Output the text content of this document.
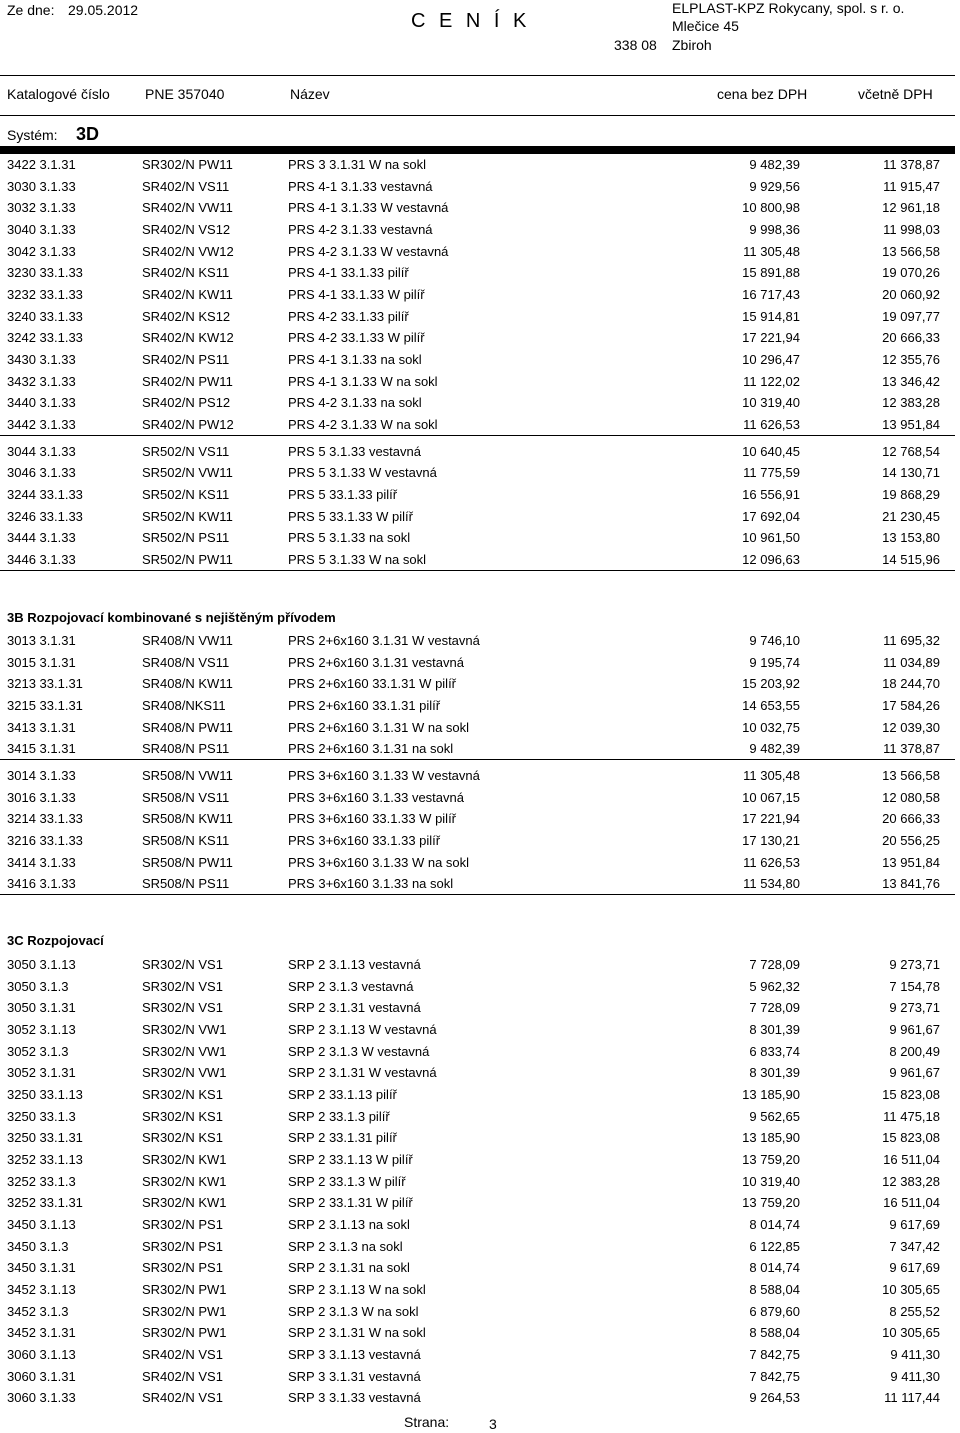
Ze dne: 29.05.2012	C E N Í K
ELPLAST-KPZ Rokycany, spol. s r. o.
Mlečice 45
338 08 Zbiroh
Katalogové číslo	PNE 357040	Název	cena bez DPH	včetně DPH
Systém: 3D
3422 3.1.31	SR302/N PW11	PRS 3 3.1.31 W na sokl	9 482,39	11 378,87
3030 3.1.33	SR402/N VS11	PRS 4-1 3.1.33 vestavná	9 929,56	11 915,47
3032 3.1.33	SR402/N VW11	PRS 4-1 3.1.33 W vestavná	10 800,98	12 961,18
3040 3.1.33	SR402/N VS12	PRS 4-2 3.1.33 vestavná	9 998,36	11 998,03
3042 3.1.33	SR402/N VW12	PRS 4-2 3.1.33 W vestavná	11 305,48	13 566,58
3230 33.1.33	SR402/N KS11	PRS 4-1 33.1.33 pilíř	15 891,88	19 070,26
3232 33.1.33	SR402/N KW11	PRS 4-1 33.1.33 W pilíř	16 717,43	20 060,92
3240 33.1.33	SR402/N KS12	PRS 4-2 33.1.33 pilíř	15 914,81	19 097,77
3242 33.1.33	SR402/N KW12	PRS 4-2 33.1.33 W pilíř	17 221,94	20 666,33
3430 3.1.33	SR402/N PS11	PRS 4-1 3.1.33 na sokl	10 296,47	12 355,76
3432 3.1.33	SR402/N PW11	PRS 4-1 3.1.33 W na sokl	11 122,02	13 346,42
3440 3.1.33	SR402/N PS12	PRS 4-2 3.1.33 na sokl	10 319,40	12 383,28
3442 3.1.33	SR402/N PW12	PRS 4-2 3.1.33 W na sokl	11 626,53	13 951,84
3044 3.1.33	SR502/N VS11	PRS 5 3.1.33 vestavná	10 640,45	12 768,54
3046 3.1.33	SR502/N VW11	PRS 5 3.1.33 W vestavná	11 775,59	14 130,71
3244 33.1.33	SR502/N KS11	PRS 5 33.1.33 pilíř	16 556,91	19 868,29
3246 33.1.33	SR502/N KW11	PRS 5 33.1.33 W pilíř	17 692,04	21 230,45
3444 3.1.33	SR502/N PS11	PRS 5 3.1.33 na sokl	10 961,50	13 153,80
3446 3.1.33	SR502/N PW11	PRS 5 3.1.33 W na sokl	12 096,63	14 515,96
3B Rozpojovací kombinované s nejištěným přívodem
3013 3.1.31	SR408/N VW11	PRS 2+6x160 3.1.31 W vestavná	9 746,10	11 695,32
3015 3.1.31	SR408/N VS11	PRS 2+6x160 3.1.31 vestavná	9 195,74	11 034,89
3213 33.1.31	SR408/N KW11	PRS 2+6x160 33.1.31 W pilíř	15 203,92	18 244,70
3215 33.1.31	SR408/NKS11	PRS 2+6x160 33.1.31 pilíř	14 653,55	17 584,26
3413 3.1.31	SR408/N PW11	PRS 2+6x160 3.1.31 W na sokl	10 032,75	12 039,30
3415 3.1.31	SR408/N PS11	PRS 2+6x160 3.1.31 na sokl	9 482,39	11 378,87
3014 3.1.33	SR508/N VW11	PRS 3+6x160 3.1.33 W vestavná	11 305,48	13 566,58
3016 3.1.33	SR508/N VS11	PRS 3+6x160 3.1.33 vestavná	10 067,15	12 080,58
3214 33.1.33	SR508/N KW11	PRS 3+6x160 33.1.33 W pilíř	17 221,94	20 666,33
3216 33.1.33	SR508/N KS11	PRS 3+6x160 33.1.33 pilíř	17 130,21	20 556,25
3414 3.1.33	SR508/N PW11	PRS 3+6x160 3.1.33 W na sokl	11 626,53	13 951,84
3416 3.1.33	SR508/N PS11	PRS 3+6x160 3.1.33 na sokl	11 534,80	13 841,76
3C Rozpojovací
3050 3.1.13	SR302/N VS1	SRP 2 3.1.13 vestavná	7 728,09	9 273,71
3050 3.1.3	SR302/N VS1	SRP 2 3.1.3 vestavná	5 962,32	7 154,78
3050 3.1.31	SR302/N VS1	SRP 2 3.1.31 vestavná	7 728,09	9 273,71
3052 3.1.13	SR302/N VW1	SRP 2 3.1.13 W vestavná	8 301,39	9 961,67
3052 3.1.3	SR302/N VW1	SRP 2 3.1.3 W vestavná	6 833,74	8 200,49
3052 3.1.31	SR302/N VW1	SRP 2 3.1.31 W vestavná	8 301,39	9 961,67
3250 33.1.13	SR302/N KS1	SRP 2 33.1.13 pilíř	13 185,90	15 823,08
3250 33.1.3	SR302/N KS1	SRP 2 33.1.3 pilíř	9 562,65	11 475,18
3250 33.1.31	SR302/N KS1	SRP 2 33.1.31 pilíř	13 185,90	15 823,08
3252 33.1.13	SR302/N KW1	SRP 2 33.1.13 W pilíř	13 759,20	16 511,04
3252 33.1.3	SR302/N KW1	SRP 2 33.1.3 W pilíř	10 319,40	12 383,28
3252 33.1.31	SR302/N KW1	SRP 2 33.1.31 W pilíř	13 759,20	16 511,04
3450 3.1.13	SR302/N PS1	SRP 2 3.1.13 na sokl	8 014,74	9 617,69
3450 3.1.3	SR302/N PS1	SRP 2 3.1.3 na sokl	6 122,85	7 347,42
3450 3.1.31	SR302/N PS1	SRP 2 3.1.31 na sokl	8 014,74	9 617,69
3452 3.1.13	SR302/N PW1	SRP 2 3.1.13 W na sokl	8 588,04	10 305,65
3452 3.1.3	SR302/N PW1	SRP 2 3.1.3 W na sokl	6 879,60	8 255,52
3452 3.1.31	SR302/N PW1	SRP 2 3.1.31 W na sokl	8 588,04	10 305,65
3060 3.1.13	SR402/N VS1	SRP 3 3.1.13 vestavná	7 842,75	9 411,30
3060 3.1.31	SR402/N VS1	SRP 3 3.1.31 vestavná	7 842,75	9 411,30
3060 3.1.33	SR402/N VS1	SRP 3 3.1.33 vestavná	9 264,53	11 117,44
Strana:	3
